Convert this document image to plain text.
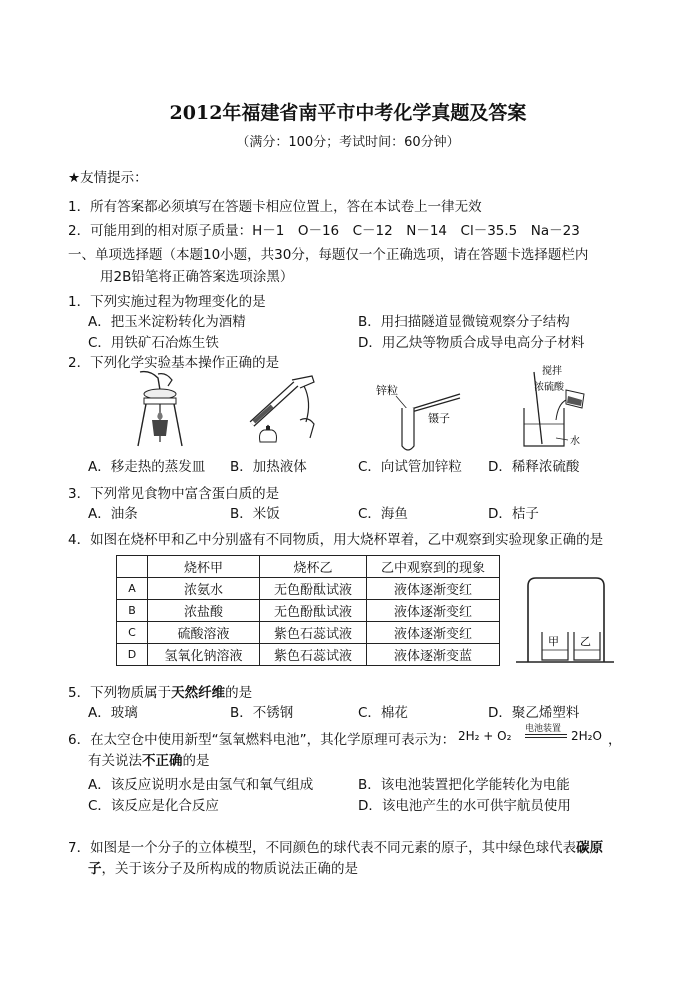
2012年福建省南平市中考化学真题及答案
（满分：100分；考试时间：60分钟）
★友情提示：
1．所有答案都必须填写在答题卡相应位置上，答在本试卷上一律无效
2．可能用到的相对原子质量：H－1　O－16　C－12　N－14　Cl－35.5　Na－23
一、单项选择题（本题10小题，共30分，每题仅一个正确选项，请在答题卡选择题栏内
用2B铅笔将正确答案选项涂黑）
1．下列实施过程为物理变化的是
A．把玉米淀粉转化为酒精	B．用扫描隧道显微镜观察分子结构
C．用铁矿石冶炼生铁	D．用乙炔等物质合成导电高分子材料
2．下列化学实验基本操作正确的是
锌粒
镊子
搅拌
浓硫酸
水
A．移走热的蒸发皿 B．加热液体	C．向试管加锌粒 D．稀释浓硫酸
3．下列常见食物中富含蛋白质的是
A．油条	B．米饭	C．海鱼	D．桔子
4．如图在烧杯甲和乙中分别盛有不同物质，用大烧杯罩着，乙中观察到实验现象正确的是
	烧杯甲	烧杯乙	乙中观察到的现象
A	浓氨水	无色酚酞试液	液体逐渐变红
B	浓盐酸	无色酚酞试液	液体逐渐变红
C	硫酸溶液	紫色石蕊试液	液体逐渐变红
D	氢氧化钠溶液	紫色石蕊试液	液体逐渐变蓝
甲 乙
5．下列物质属于天然纤维的是
A．玻璃	B．不锈钢	C．棉花	D．聚乙烯塑料
6．在太空仓中使用新型“氢氧燃料电池”，其化学原理可表示为： 2H₂ + O₂ 电池装置 2H₂O ，
有关说法不正确的是
A．该反应说明水是由氢气和氧气组成	B．该电池装置把化学能转化为电能
C．该反应是化合反应	D．该电池产生的水可供宇航员使用
7．如图是一个分子的立体模型，不同颜色的球代表不同元素的原子，其中绿色球代表碳原
子，关于该分子及所构成的物质说法正确的是
